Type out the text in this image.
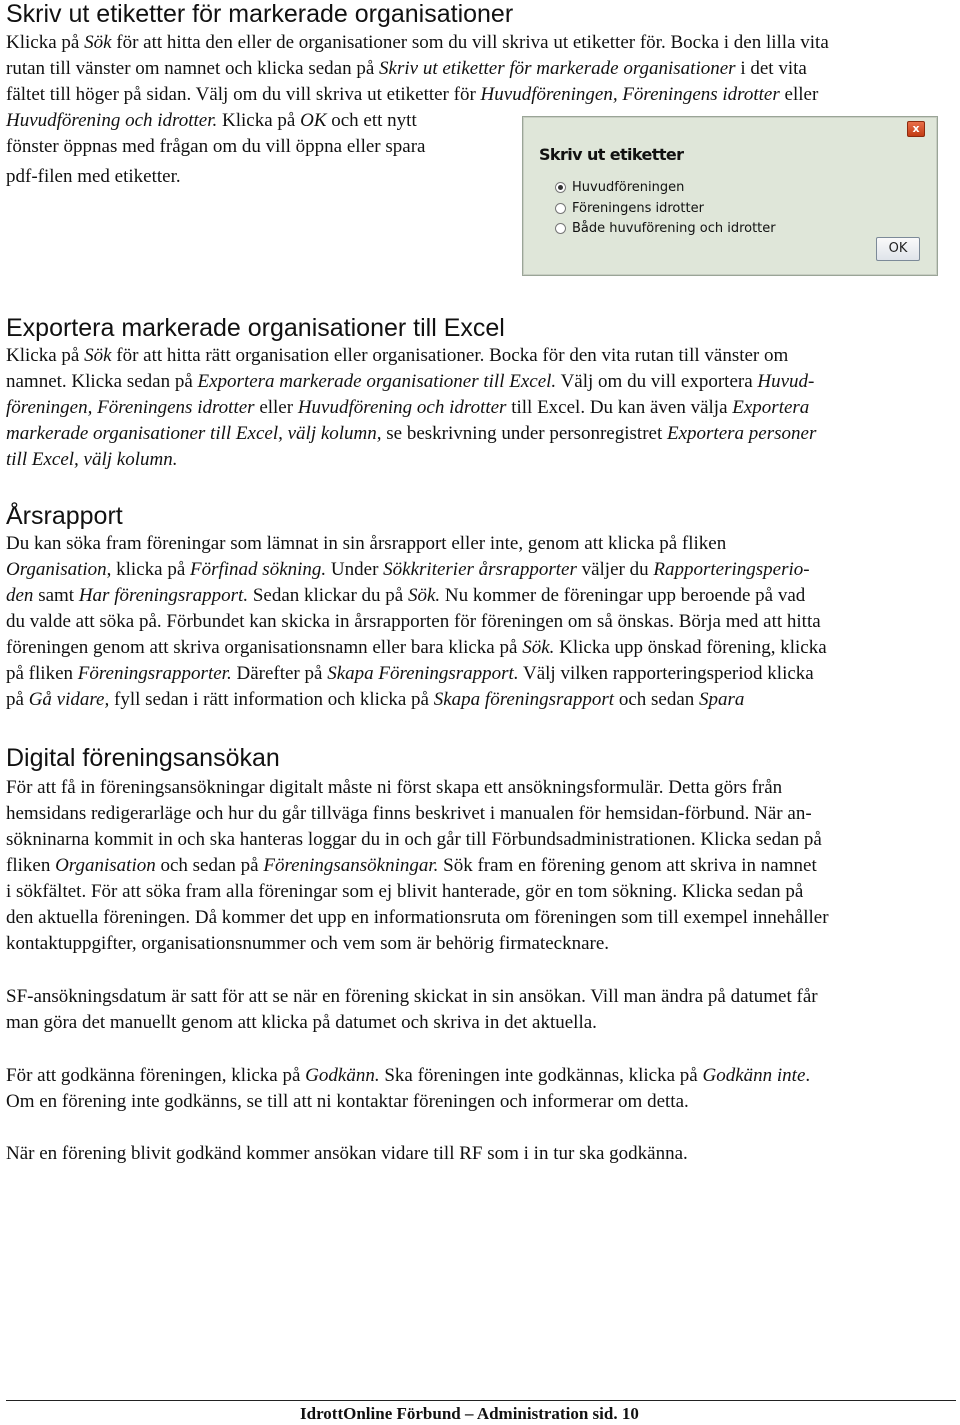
Skriv ut etiketter för markerade organisationer

Klicka på Sök för att hitta den eller de organisationer som du vill skriva ut etiketter för. Bocka i den lilla vita

rutan till vänster om namnet och klicka sedan på Skriv ut etiketter för markerade organisationer i det vita

fältet till höger på sidan. Välj om du vill skriva ut etiketter för Huvudföreningen, Föreningens idrotter eller

Huvudförening och idrotter. Klicka på OK och ett nytt

fönster öppnas med frågan om du vill öppna eller spara

pdf-filen med etiketter.

x
Skriv ut etiketter
Huvudföreningen
Föreningens idrotter
Både huvuförening och idrotter
OK
Exportera markerade organisationer till Excel

Klicka på Sök för att hitta rätt organisation eller organisationer. Bocka för den vita rutan till vänster om

namnet. Klicka sedan på Exportera markerade organisationer till Excel. Välj om du vill exportera Huvud-

föreningen, Föreningens idrotter eller Huvudförening och idrotter till Excel. Du kan även välja Exportera

markerade organisationer till Excel, välj kolumn, se beskrivning under personregistret Exportera personer

till Excel, välj kolumn.

Årsrapport

Du kan söka fram föreningar som lämnat in sin årsrapport eller inte, genom att klicka på fliken

Organisation, klicka på Förfinad sökning. Under Sökkriterier årsrapporter väljer du Rapporteringsperio-

den samt Har föreningsrapport. Sedan klickar du på Sök. Nu kommer de föreningar upp beroende på vad

du valde att söka på. Förbundet kan skicka in årsrapporten för föreningen om så önskas. Börja med att hitta

föreningen genom att skriva organisationsnamn eller bara klicka på Sök. Klicka upp önskad förening, klicka

på fliken Föreningsrapporter. Därefter på Skapa Föreningsrapport. Välj vilken rapporteringsperiod klicka

på Gå vidare, fyll sedan i rätt information och klicka på Skapa föreningsrapport och sedan Spara

Digital föreningsansökan

För att få in föreningsansökningar digitalt måste ni först skapa ett ansökningsformulär. Detta görs från

hemsidans redigerarläge och hur du går tillväga finns beskrivet i manualen för hemsidan-förbund. När an-

sökninarna kommit in och ska hanteras loggar du in och går till Förbundsadministrationen. Klicka sedan på

fliken Organisation och sedan på Föreningsansökningar. Sök fram en förening genom att skriva in namnet

i sökfältet. För att söka fram alla föreningar som ej blivit hanterade, gör en tom sökning. Klicka sedan på

den aktuella föreningen. Då kommer det upp en informationsruta om föreningen som till exempel innehåller

kontaktuppgifter, organisationsnummer och vem som är behörig firmatecknare.

SF-ansökningsdatum är satt för att se när en förening skickat in sin ansökan. Vill man ändra på datumet får

man göra det manuellt genom att klicka på datumet och skriva in det aktuella.

För att godkänna föreningen, klicka på Godkänn. Ska föreningen inte godkännas, klicka på Godkänn inte.

Om en förening inte godkänns, se till att ni kontaktar föreningen och informerar om detta.

När en förening blivit godkänd kommer ansökan vidare till RF som i in tur ska godkänna.

IdrottOnline Förbund – Administration sid. 10
